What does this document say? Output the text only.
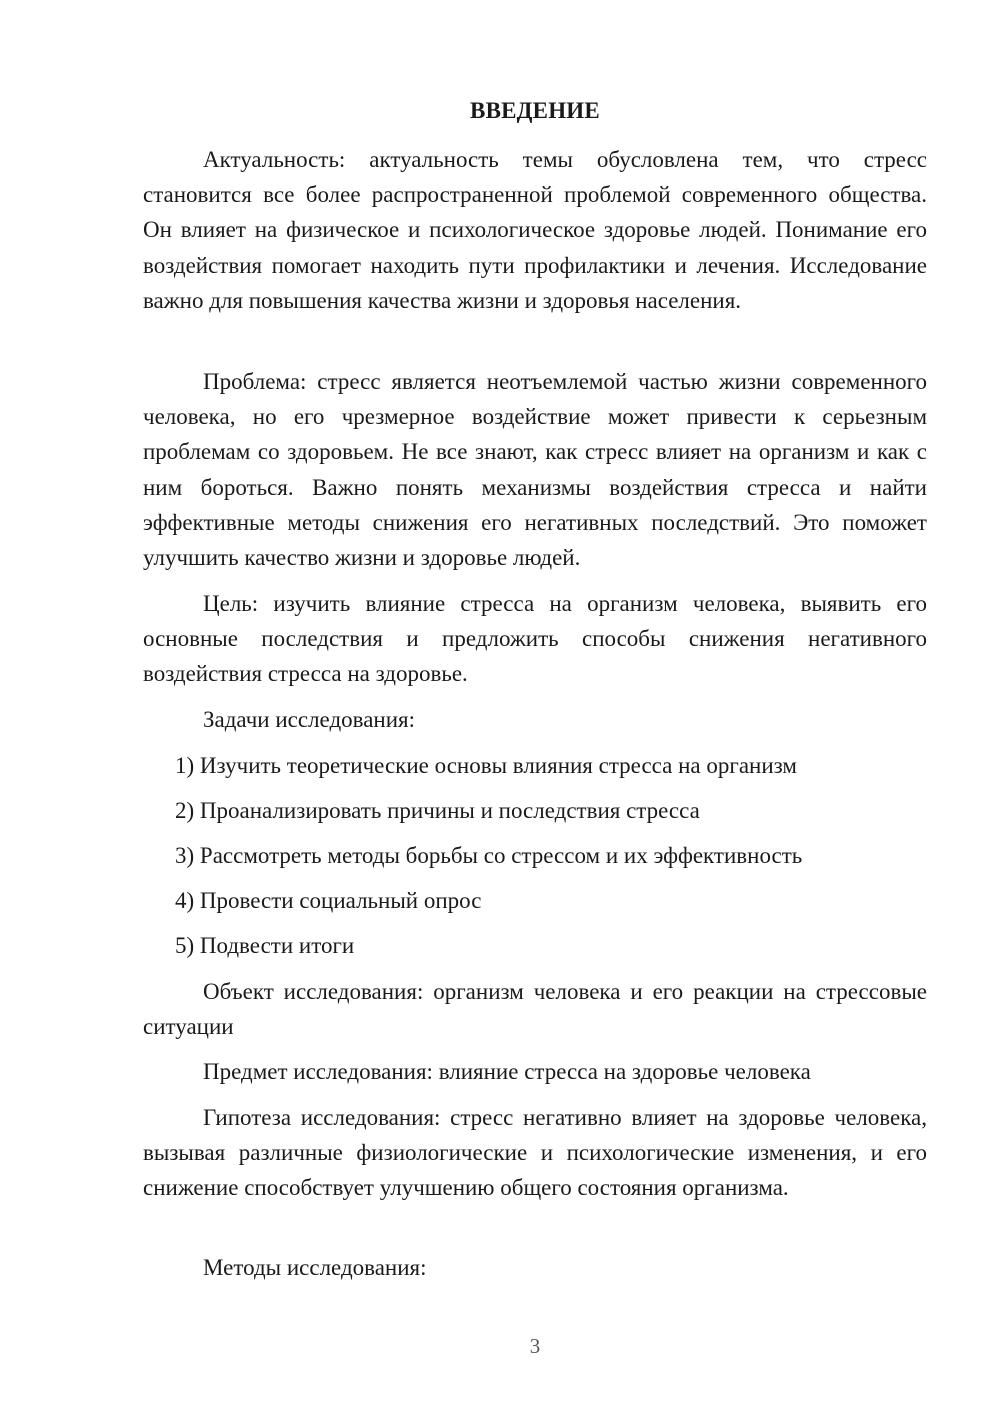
ВВЕДЕНИЕ

Актуальность: актуальность темы обусловлена тем, что стресс становится все более распространенной проблемой современного общества. Он влияет на физическое и психологическое здоровье людей. Понимание его воздействия помогает находить пути профилактики и лечения. Исследование важно для повышения качества жизни и здоровья населения.

Проблема: стресс является неотъемлемой частью жизни современного человека, но его чрезмерное воздействие может привести к серьезным проблемам со здоровьем. Не все знают, как стресс влияет на организм и как с ним бороться. Важно понять механизмы воздействия стресса и найти эффективные методы снижения его негативных последствий. Это поможет улучшить качество жизни и здоровье людей.

Цель: изучить влияние стресса на организм человека, выявить его основные последствия и предложить способы снижения негативного воздействия стресса на здоровье.

Задачи исследования:

1) Изучить теоретические основы влияния стресса на организм

2) Проанализировать причины и последствия стресса

3) Рассмотреть методы борьбы со стрессом и их эффективность

4) Провести социальный опрос

5) Подвести итоги

Объект исследования: организм человека и его реакции на стрессовые ситуации

Предмет исследования: влияние стресса на здоровье человека

Гипотеза исследования: стресс негативно влияет на здоровье человека, вызывая различные физиологические и психологические изменения, и его снижение способствует улучшению общего состояния организма.

Методы исследования:

3
